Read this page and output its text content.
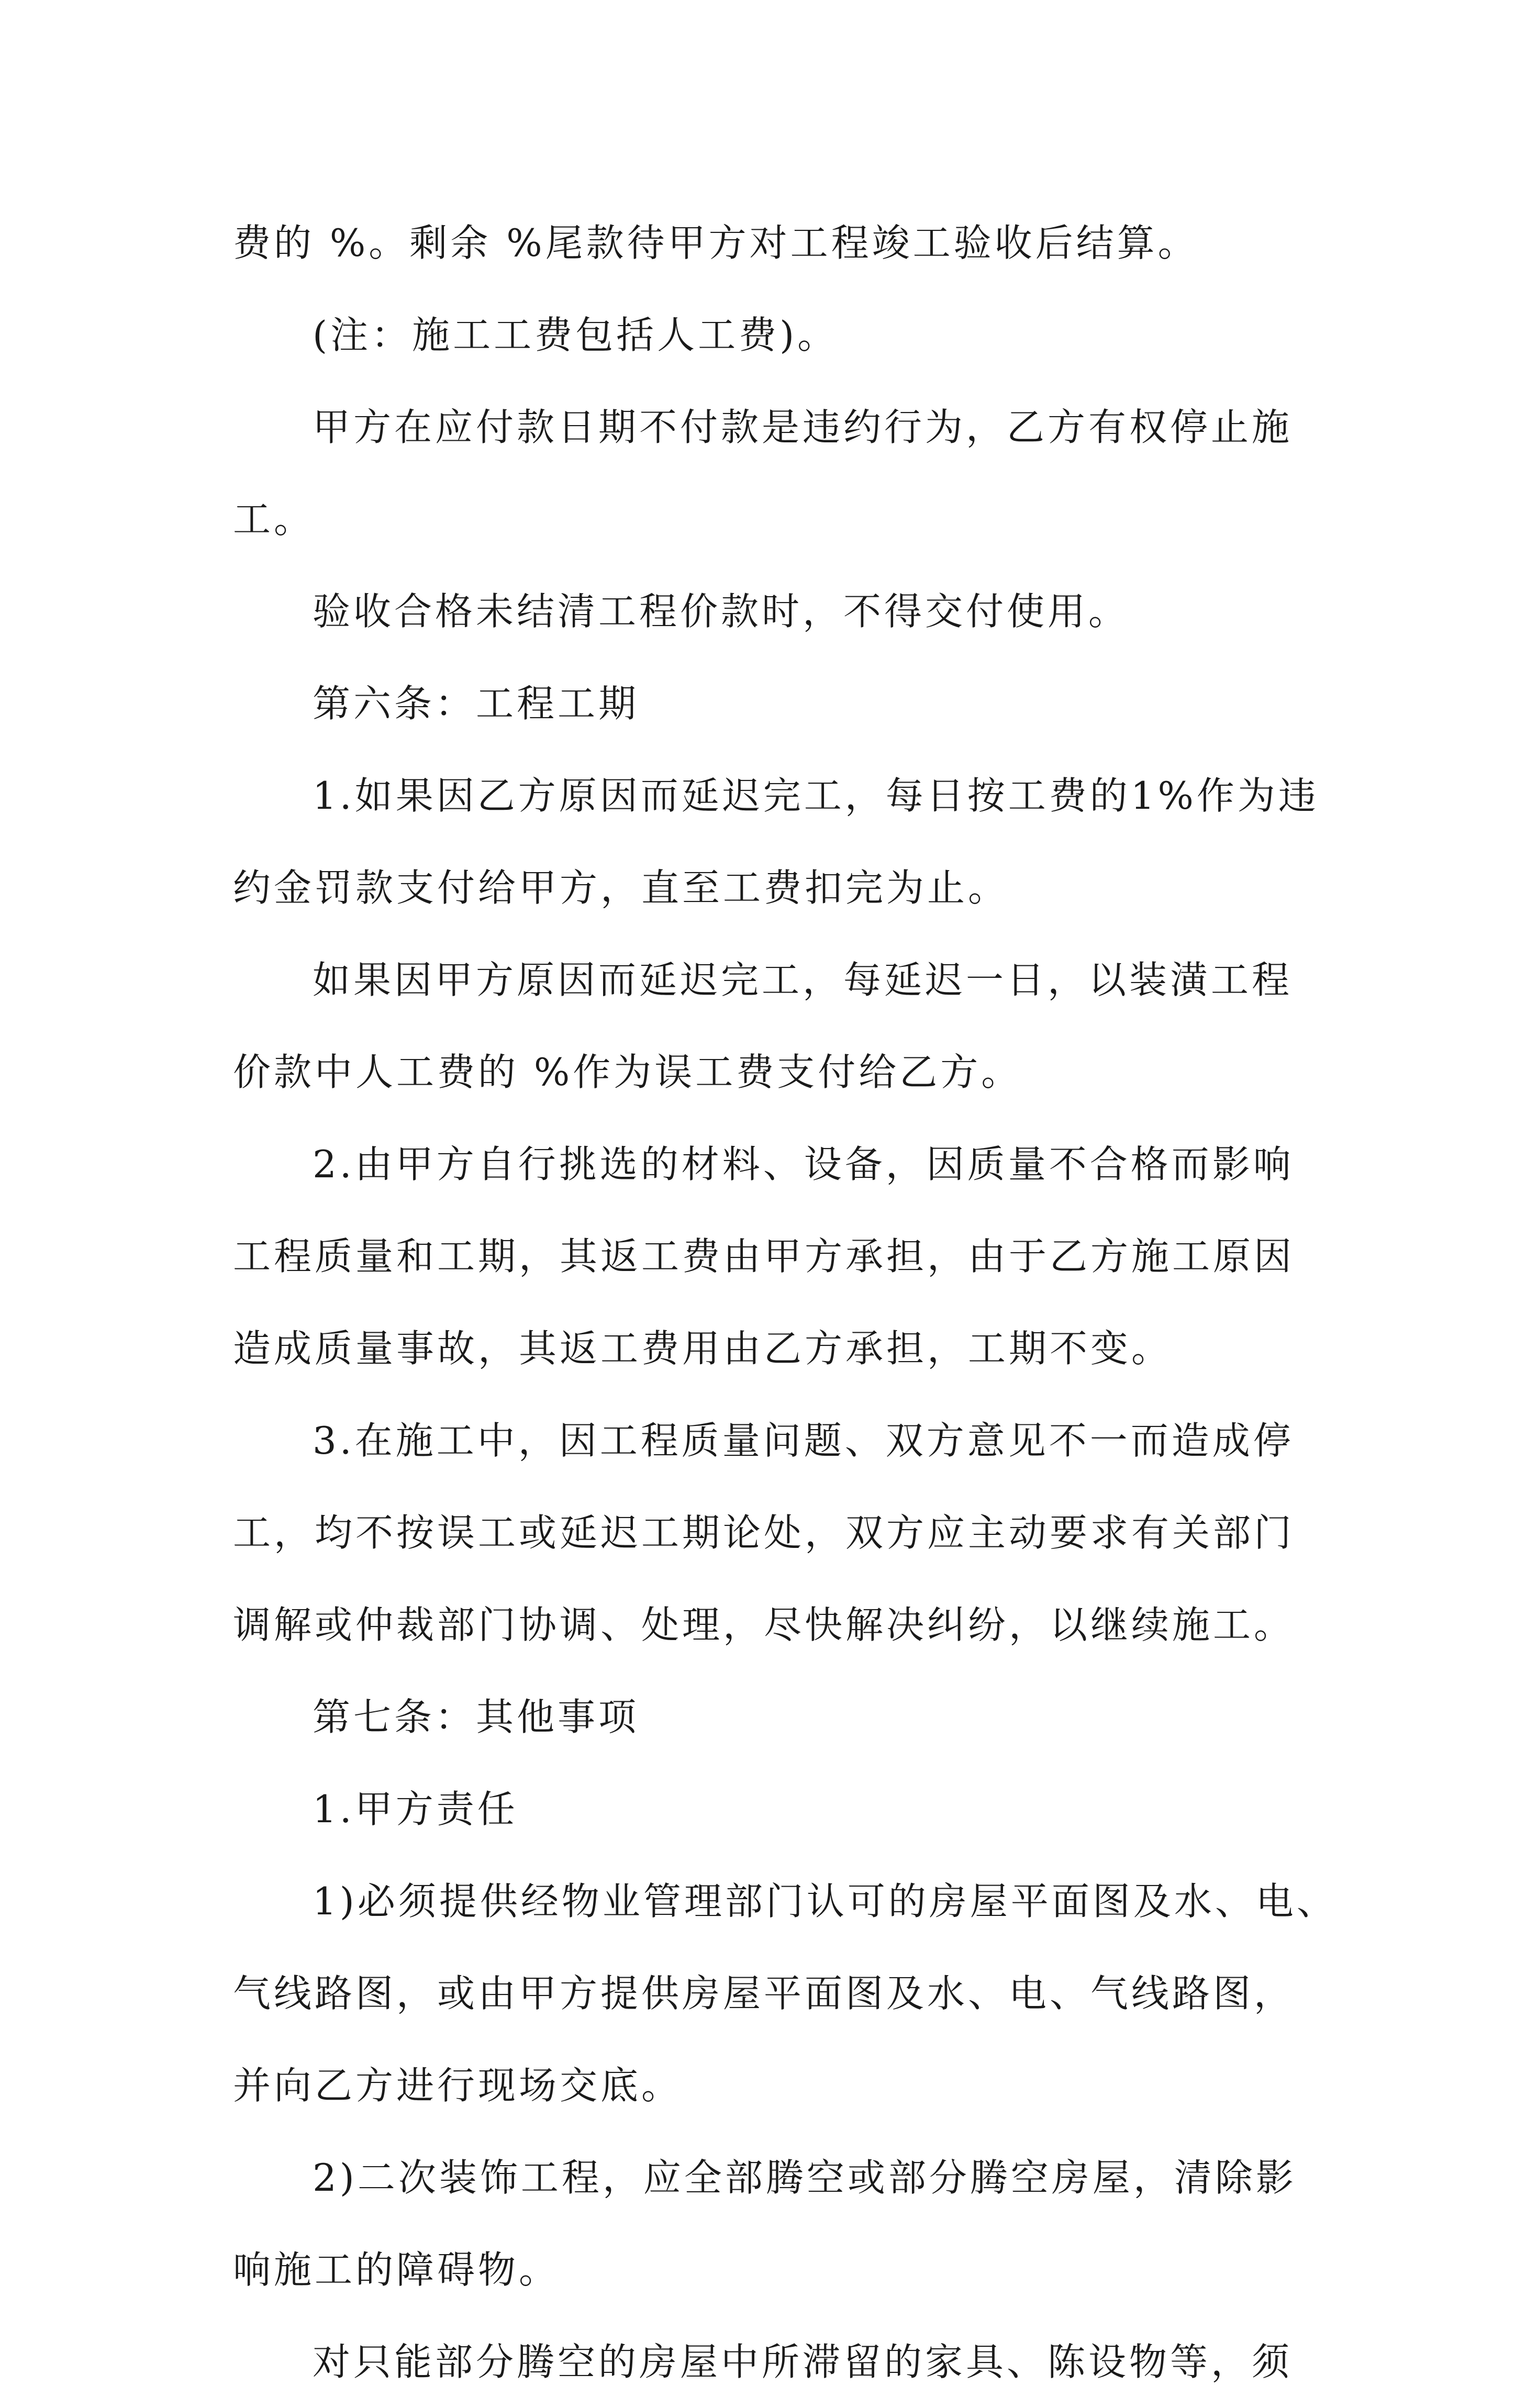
费的 %。剩余 %尾款待甲方对工程竣工验收后结算。
(注：施工工费包括人工费)。
甲方在应付款日期不付款是违约行为，乙方有权停止施
工。
验收合格未结清工程价款时，不得交付使用。
第六条：工程工期
1.如果因乙方原因而延迟完工，每日按工费的1%作为违
约金罚款支付给甲方，直至工费扣完为止。
如果因甲方原因而延迟完工，每延迟一日，以装潢工程
价款中人工费的 %作为误工费支付给乙方。
2.由甲方自行挑选的材料、设备，因质量不合格而影响
工程质量和工期，其返工费由甲方承担，由于乙方施工原因
造成质量事故，其返工费用由乙方承担，工期不变。
3.在施工中，因工程质量问题、双方意见不一而造成停
工，均不按误工或延迟工期论处，双方应主动要求有关部门
调解或仲裁部门协调、处理，尽快解决纠纷，以继续施工。
第七条：其他事项
1.甲方责任
1)必须提供经物业管理部门认可的房屋平面图及水、电、
气线路图，或由甲方提供房屋平面图及水、电、气线路图，
并向乙方进行现场交底。
2)二次装饰工程，应全部腾空或部分腾空房屋，清除影
响施工的障碍物。
对只能部分腾空的房屋中所滞留的家具、陈设物等，须
